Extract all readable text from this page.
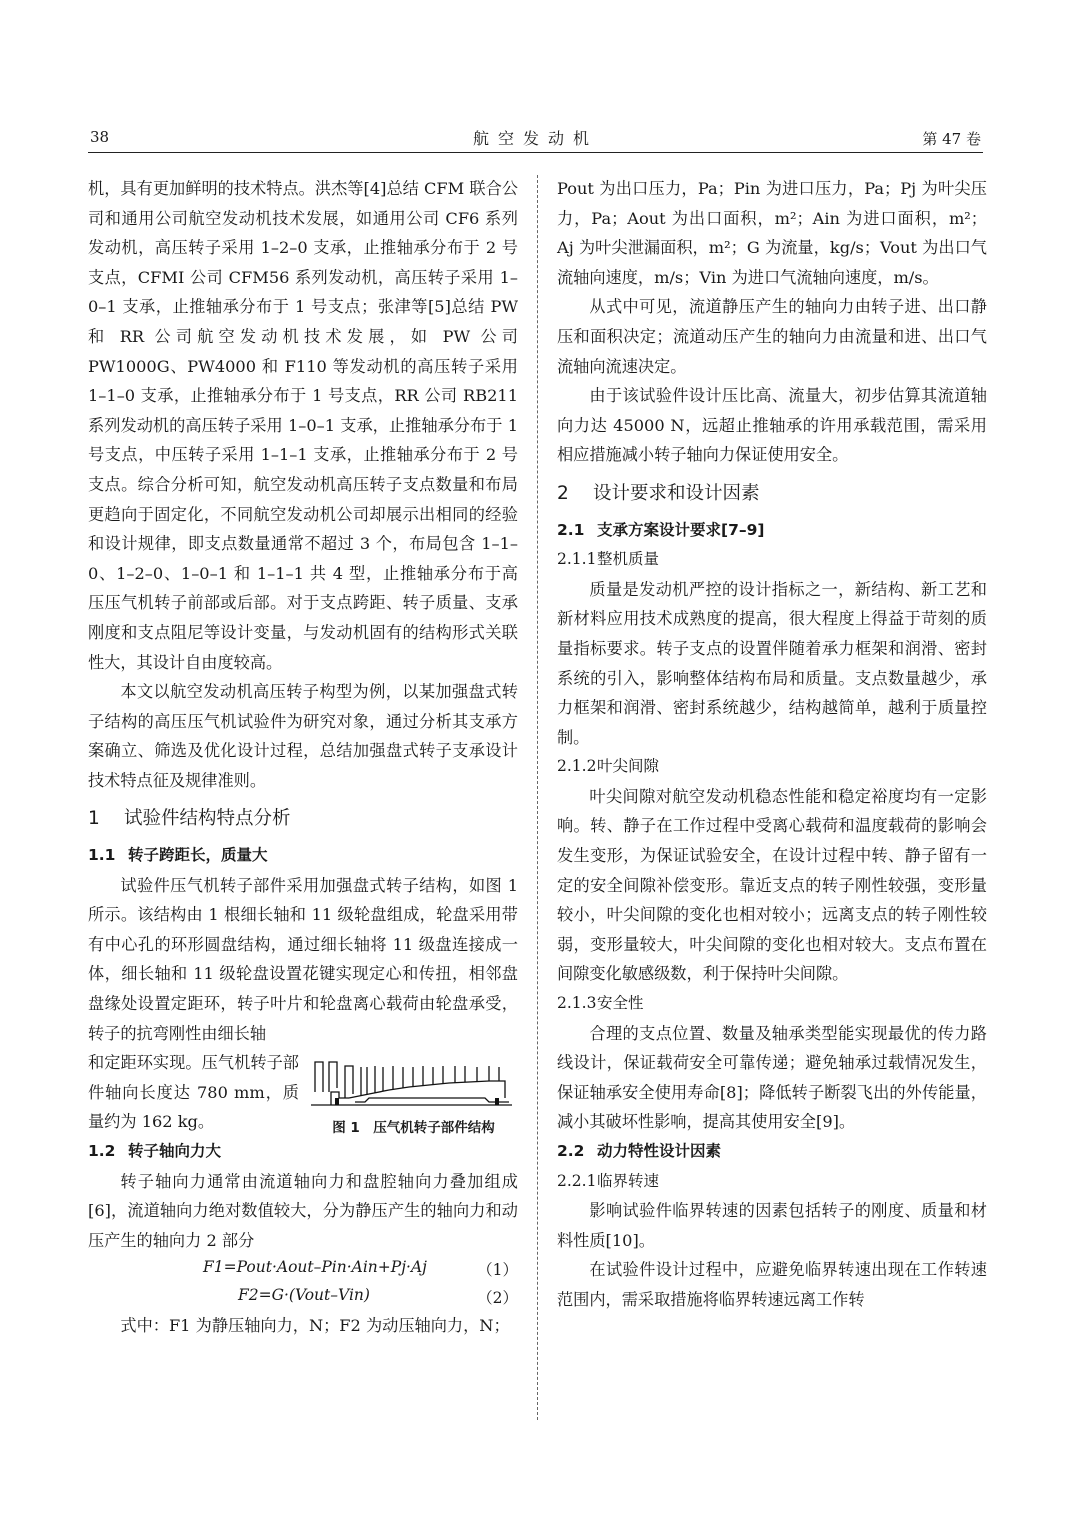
38	航空发动机	第 47 卷

机，具有更加鲜明的技术特点。洪杰等[4]总结 CFM 联合公司和通用公司航空发动机技术发展，如通用公司 CF6 系列发动机，高压转子采用 1–2–0 支承，止推轴承分布于 2 号支点，CFMI 公司 CFM56 系列发动机，高压转子采用 1–0–1 支承，止推轴承分布于 1 号支点；张津等[5]总结 PW 和 RR 公司航空发动机技术发展，如 PW 公司 PW1000G、PW4000 和 F110 等发动机的高压转子采用 1–1–0 支承，止推轴承分布于 1 号支点，RR 公司 RB211 系列发动机的高压转子采用 1–0–1 支承，止推轴承分布于 1 号支点，中压转子采用 1–1–1 支承，止推轴承分布于 2 号支点。综合分析可知，航空发动机高压转子支点数量和布局更趋向于固定化，不同航空发动机公司却展示出相同的经验和设计规律，即支点数量通常不超过 3 个，布局包含 1–1–0、1–2–0、1–0–1 和 1–1–1 共 4 型，止推轴承分布于高压压气机转子前部或后部。对于支点跨距、转子质量、支承刚度和支点阻尼等设计变量，与发动机固有的结构形式关联性大，其设计自由度较高。

本文以航空发动机高压转子构型为例，以某加强盘式转子结构的高压压气机试验件为研究对象，通过分析其支承方案确立、筛选及优化设计过程，总结加强盘式转子支承设计技术特点征及规律准则。

1 试验件结构特点分析
1.1 转子跨距长，质量大

试验件压气机转子部件采用加强盘式转子结构，如图 1 所示。该结构由 1 根细长轴和 11 级轮盘组成，轮盘采用带有中心孔的环形圆盘结构，通过细长轴将 11 级盘连接成一体，细长轴和 11 级轮盘设置花键实现定心和传扭，相邻盘盘缘处设置定距环，转子叶片和轮盘离心载荷由轮盘承受，转子的抗弯刚性由细长轴

和定距环实现。压气机转子部件轴向长度达 780 mm，质量约为 162 kg。	图 1　压气机转子部件结构
1.2 转子轴向力大

转子轴向力通常由流道轴向力和盘腔轴向力叠加组成[6]，流道轴向力绝对数值较大，分为静压产生的轴向力和动压产生的轴向力 2 部分

F1=Pout·Aout–Pin·Ain+Pj·Aj	（1）
F2=G·(Vout–Vin)	（2）

式中：F1 为静压轴向力，N；F2 为动压轴向力，N；

Pout 为出口压力，Pa；Pin 为进口压力，Pa；Pj 为叶尖压力，Pa；Aout 为出口面积，m²；Ain 为进口面积，m²；Aj 为叶尖泄漏面积，m²；G 为流量，kg/s；Vout 为出口气流轴向速度，m/s；Vin 为进口气流轴向速度，m/s。

从式中可见，流道静压产生的轴向力由转子进、出口静压和面积决定；流道动压产生的轴向力由流量和进、出口气流轴向流速决定。

由于该试验件设计压比高、流量大，初步估算其流道轴向力达 45000 N，远超止推轴承的许用承载范围，需采用相应措施减小转子轴向力保证使用安全。

2 设计要求和设计因素
2.1 支承方案设计要求[7–9]
2.1.1整机质量

质量是发动机严控的设计指标之一，新结构、新工艺和新材料应用技术成熟度的提高，很大程度上得益于苛刻的质量指标要求。转子支点的设置伴随着承力框架和润滑、密封系统的引入，影响整体结构布局和质量。支点数量越少，承力框架和润滑、密封系统越少，结构越简单，越利于质量控制。

2.1.2叶尖间隙

叶尖间隙对航空发动机稳态性能和稳定裕度均有一定影响。转、静子在工作过程中受离心载荷和温度载荷的影响会发生变形，为保证试验安全，在设计过程中转、静子留有一定的安全间隙补偿变形。靠近支点的转子刚性较强，变形量较小，叶尖间隙的变化也相对较小；远离支点的转子刚性较弱，变形量较大，叶尖间隙的变化也相对较大。支点布置在间隙变化敏感级数，利于保持叶尖间隙。

2.1.3安全性

合理的支点位置、数量及轴承类型能实现最优的传力路线设计，保证载荷安全可靠传递；避免轴承过载情况发生，保证轴承安全使用寿命[8]；降低转子断裂飞出的外传能量，减小其破坏性影响，提高其使用安全[9]。

2.2 动力特性设计因素
2.2.1临界转速

影响试验件临界转速的因素包括转子的刚度、质量和材料性质[10]。

在试验件设计过程中，应避免临界转速出现在工作转速范围内，需采取措施将临界转速远离工作转
